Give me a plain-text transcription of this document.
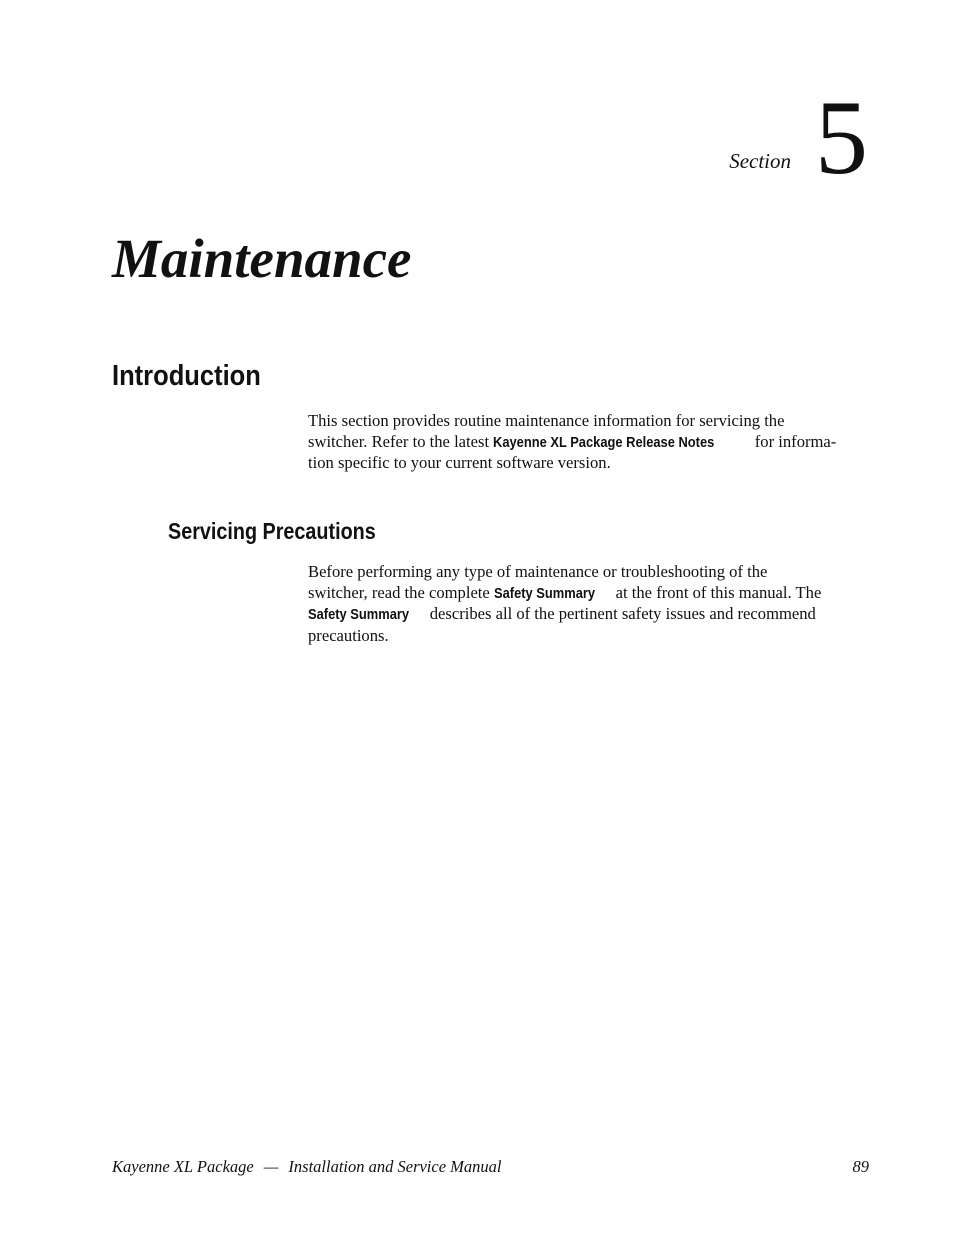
Section 5
Maintenance
Introduction

This section provides routine maintenance information for servicing the
switcher. Refer to the latest Kayenne XL Package Release Notes for informa-
tion specific to your current software version.

Servicing Precautions

Before performing any type of maintenance or troubleshooting of the
switcher, read the complete Safety Summary at the front of this manual. The
Safety Summary describes all of the pertinent safety issues and recommend
precautions.

Kayenne XL Package — Installation and Service Manual	89
